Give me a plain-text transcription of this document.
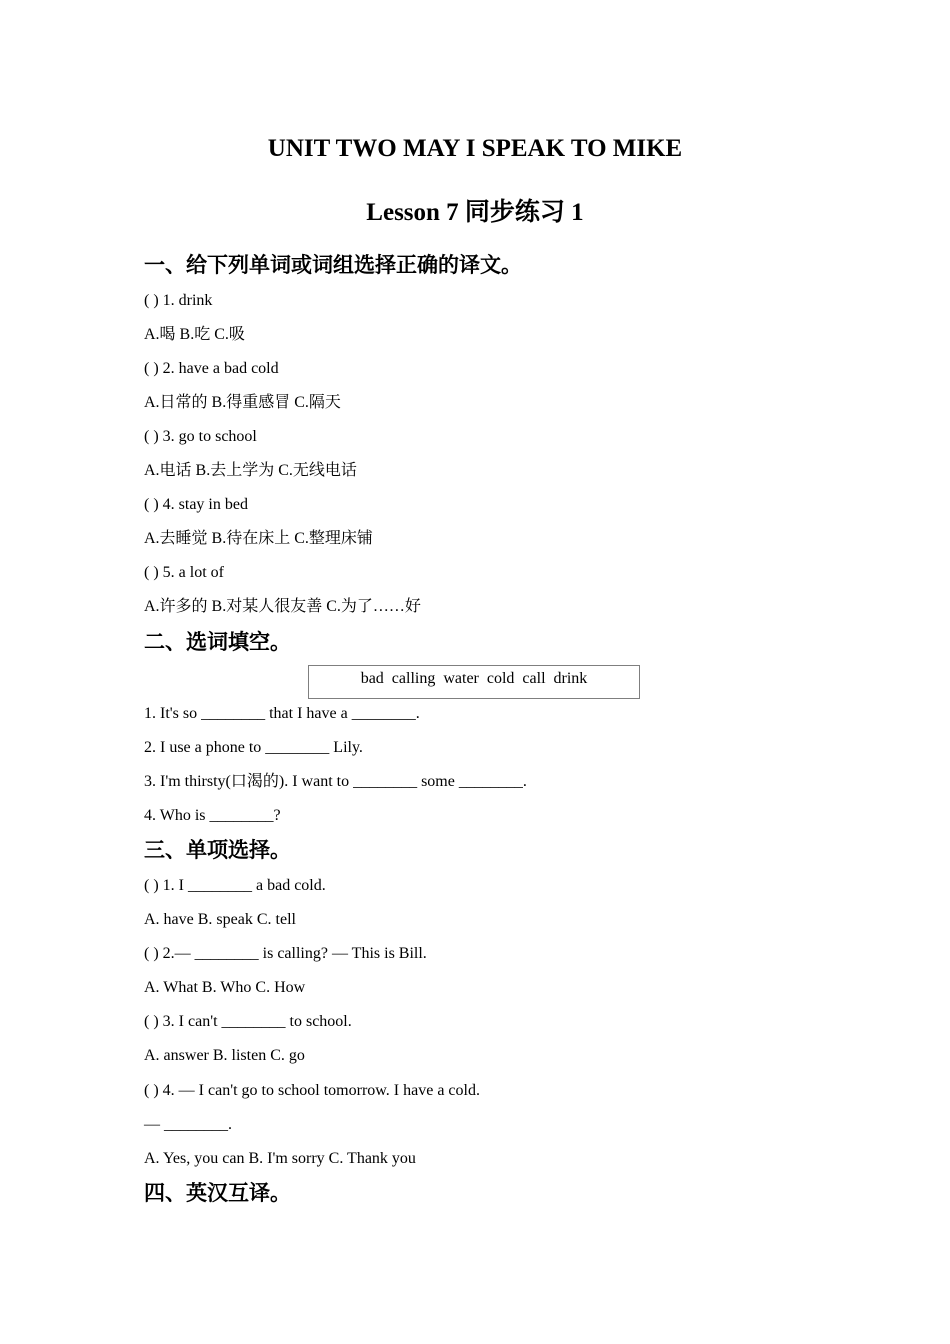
UNIT TWO MAY I SPEAK TO MIKE
Lesson 7 同步练习 1
一、给下列单词或词组选择正确的译文。
( ) 1. drink
A.喝 B.吃 C.吸
( ) 2. have a bad cold
A.日常的 B.得重感冒 C.隔天
( ) 3. go to school
A.电话 B.去上学为 C.无线电话
( ) 4. stay in bed
A.去睡觉 B.待在床上 C.整理床铺
( ) 5. a lot of
A.许多的 B.对某人很友善 C.为了……好
二、选词填空。
bad  calling  water  cold  call  drink
1. It's so ________ that I have a ________.
2. I use a phone to ________ Lily.
3. I'm thirsty(口渴的). I want to ________ some ________.
4. Who is ________?
三、单项选择。
( ) 1. I ________ a bad cold.
A. have B. speak C. tell
( ) 2.— ________ is calling? — This is Bill.
A. What B. Who C. How
( ) 3. I can't ________ to school.
A. answer B. listen C. go
( ) 4. — I can't go to school tomorrow. I have a cold.
— ________.
A. Yes, you can B. I'm sorry C. Thank you
四、英汉互译。
